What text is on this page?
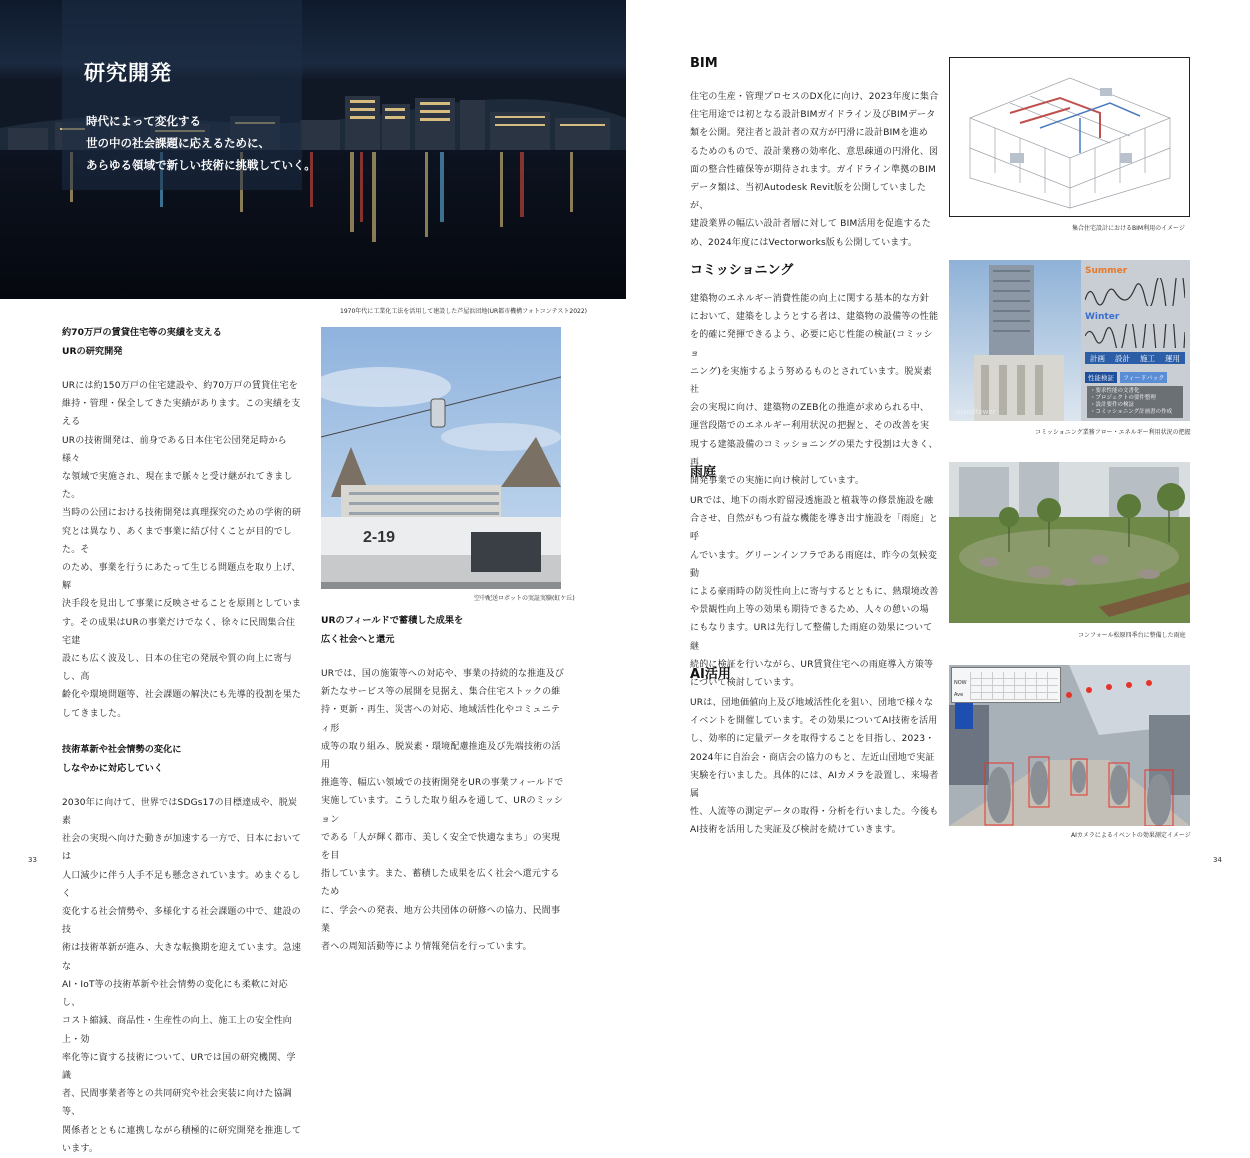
研究開発
時代によって変化する
世の中の社会課題に応えるために、
あらゆる領域で新しい技術に挑戦していく。
1970年代に工業化工法を活用して建設した芦屋浜団地(UR都市機構フォトコンテスト2022)
約70万戸の賃貸住宅等の実績を支える
URの研究開発
URには約150万戸の住宅建設や、約70万戸の賃貸住宅を
維持・管理・保全してきた実績があります。この実績を支える
URの技術開発は、前身である日本住宅公団発足時から様々
な領域で実施され、現在まで脈々と受け継がれてきました。
当時の公団における技術開発は真理探究のための学術的研
究とは異なり、あくまで事業に結び付くことが目的でした。そ
のため、事業を行うにあたって生じる問題点を取り上げ、解
決手段を見出して事業に反映させることを原則としていま
す。その成果はURの事業だけでなく、徐々に民間集合住宅建
設にも広く波及し、日本の住宅の発展や質の向上に寄与し、高
齢化や環境問題等、社会課題の解決にも先導的役割を果た
してきました。
技術革新や社会情勢の変化に
しなやかに対応していく
2030年に向けて、世界ではSDGs17の目標達成や、脱炭素
社会の実現へ向けた動きが加速する一方で、日本においては
人口減少に伴う人手不足も懸念されています。めまぐるしく
変化する社会情勢や、多様化する社会課題の中で、建設の技
術は技術革新が進み、大きな転換期を迎えています。急速な
AI・IoT等の技術革新や社会情勢の変化にも柔軟に対応し、
コスト縮減、商品性・生産性の向上、施工上の安全性向上・効
率化等に資する技術について、URでは国の研究機関、学識
者、民間事業者等との共同研究や社会実装に向けた協調等、
関係者とともに連携しながら積極的に研究開発を推進して
います。
33
2-19
空中配送ロボットの実証実験(虹ケ丘)
URのフィールドで蓄積した成果を
広く社会へと還元
URでは、国の施策等への対応や、事業の持続的な推進及び
新たなサービス等の展開を見据え、集合住宅ストックの維
持・更新・再生、災害への対応、地域活性化やコミュニティ形
成等の取り組み、脱炭素・環境配慮推進及び先端技術の活用
推進等、幅広い領域での技術開発をURの事業フィールドで
実施しています。こうした取り組みを通して、URのミッション
である「人が輝く都市、美しく安全で快適なまち」の実現を目
指しています。また、蓄積した成果を広く社会へ還元するため
に、学会への発表、地方公共団体の研修への協力、民間事業
者への周知活動等により情報発信を行っています。
BIM
住宅の生産・管理プロセスのDX化に向け、2023年度に集合
住宅用途では初となる設計BIMガイドライン及びBIMデータ
類を公開。発注者と設計者の双方が円滑に設計BIMを進め
るためのもので、設計業務の効率化、意思疎通の円滑化、図
面の整合性確保等が期待されます。ガイドライン準拠のBIM
データ類は、当初Autodesk Revit版を公開していましたが、
建設業界の幅広い設計者層に対して BIM活用を促進するた
め、2024年度にはVectorworks版も公開しています。
集合住宅設計におけるBIM利用のイメージ
コミッショニング
建築物のエネルギー消費性能の向上に関する基本的な方針
において、建築をしようとする者は、建築物の設備等の性能
を的確に発揮できるよう、必要に応じ性能の検証(コミッショ
ニング)を実施するよう努めるものとされています。脱炭素社
会の実現に向け、建築物のZEB化の推進が求められる中、
運営段階でのエネルギー利用状況の把握と、その改善を実
現する建築設備のコミッショニングの果たす役割は大きく、再
開発事業での実施に向け検討しています。
Summer
Winter
計画 設計 施工 運用
性能検証	フィードバック
・要求性能の文書化
・プロジェクトの要件整理
・設計要件の検証
・コミッショニング計画書の作成
islandtower
コミッショニング業務フロー・エネルギー利用状況の把握
雨庭
URでは、地下の雨水貯留浸透施設と植栽等の修景施設を融
合させ、自然がもつ有益な機能を導き出す施設を「雨庭」と呼
んでいます。グリーンインフラである雨庭は、昨今の気候変動
による豪雨時の防災性向上に寄与するとともに、熱環境改善
や景観性向上等の効果も期待できるため、人々の憩いの場
にもなります。URは先行して整備した雨庭の効果について継
続的に検証を行いながら、UR賃貸住宅への雨庭導入方策等
について検討しています。
コンフォール松原四季台に整備した雨庭
AI活用
URは、団地価値向上及び地域活性化を狙い、団地で様々な
イベントを開催しています。その効果についてAI技術を活用
し、効率的に定量データを取得することを目指し、2023・
2024年に自治会・商店会の協力のもと、左近山団地で実証
実験を行いました。具体的には、AIカメラを設置し、来場者属
性、人流等の測定データの取得・分析を行いました。今後も
AI技術を活用した実証及び検討を続けていきます。
NOW
Ave
AIカメラによるイベントの効果測定イメージ
34
